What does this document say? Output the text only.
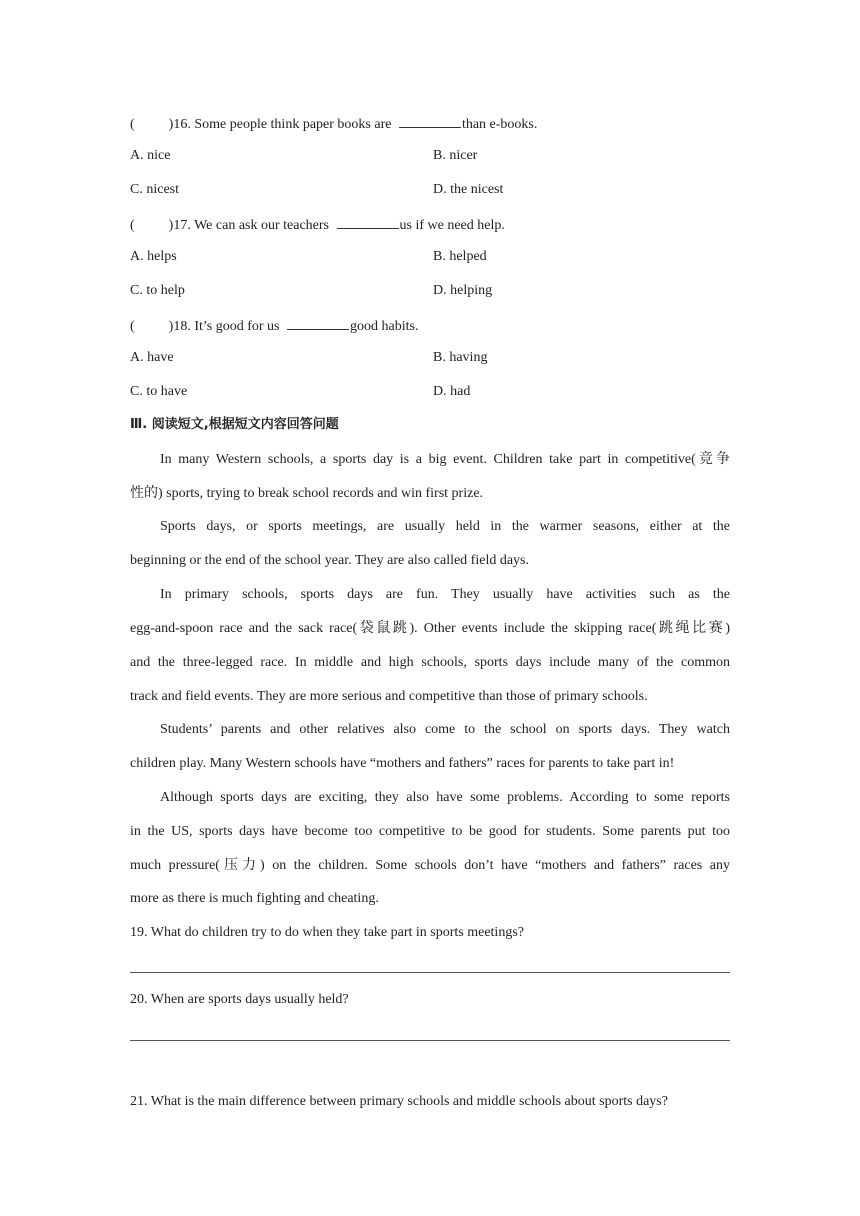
( )16. Some people think paper books are	than e-books.
A. nice	B. nicer
C. nicest	D. the nicest
( )17. We can ask our teachers	us if we need help.
A. helps	B. helped
C. to help	D. helping
( )18. It’s good for us	good habits.
A. have	B. having
C. to have	D. had
Ⅲ. 阅读短文,根据短文内容回答问题
In many Western schools, a sports day is a big event. Children take part in competitive(竞争
性的) sports, trying to break school records and win first prize.
Sports days, or sports meetings, are usually held in the warmer seasons, either at the
beginning or the end of the school year. They are also called field days.
In primary schools, sports days are fun. They usually have activities such as the
egg-and-spoon race and the sack race(袋鼠跳). Other events include the skipping race(跳绳比赛)
and the three-legged race. In middle and high schools, sports days include many of the common
track and field events. They are more serious and competitive than those of primary schools.
Students’ parents and other relatives also come to the school on sports days. They watch
children play. Many Western schools have “mothers and fathers” races for parents to take part in!
Although sports days are exciting, they also have some problems. According to some reports
in the US, sports days have become too competitive to be good for students. Some parents put too
much pressure(压力) on the children. Some schools don’t have “mothers and fathers” races any
more as there is much fighting and cheating.
19. What do children try to do when they take part in sports meetings?
20. When are sports days usually held?
21. What is the main difference between primary schools and middle schools about sports days?
